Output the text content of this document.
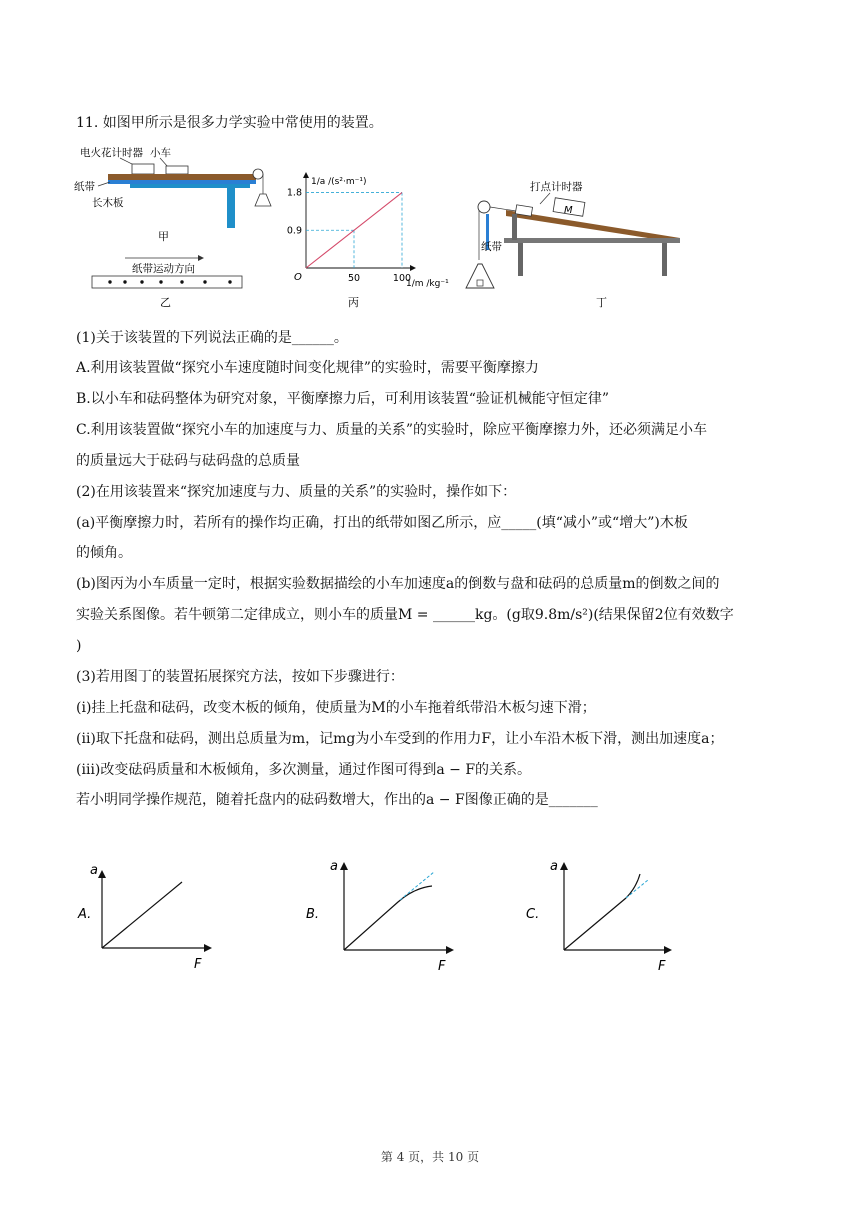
11. 如图甲所示是很多力学实验中常使用的装置。
电火花计时器 小车
纸带
长木板
甲
纸带运动方向
乙
1/a /(s²·m⁻¹)
1/m /kg⁻¹
O
0.9
1.8
50	100
丙
打点计时器
M
纸带
丁
(1)关于该装置的下列说法正确的是______。
A.利用该装置做“探究小车速度随时间变化规律”的实验时，需要平衡摩擦力
B.以小车和砝码整体为研究对象，平衡摩擦力后，可利用该装置“验证机械能守恒定律”
C.利用该装置做“探究小车的加速度与力、质量的关系”的实验时，除应平衡摩擦力外，还必须满足小车
的质量远大于砝码与砝码盘的总质量
(2)在用该装置来“探究加速度与力、质量的关系”的实验时，操作如下：
(a)平衡摩擦力时，若所有的操作均正确，打出的纸带如图乙所示，应_____(填“减小”或“增大”)木板
的倾角。
(b)图丙为小车质量一定时，根据实验数据描绘的小车加速度a的倒数与盘和砝码的总质量m的倒数之间的
实验关系图像。若牛顿第二定律成立，则小车的质量M = ______kg。(g取9.8m/s²)(结果保留2位有效数字
)
(3)若用图丁的装置拓展探究方法，按如下步骤进行：
(ⅰ)挂上托盘和砝码，改变木板的倾角，使质量为M的小车拖着纸带沿木板匀速下滑；
(ⅱ)取下托盘和砝码，测出总质量为m，记mg为小车受到的作用力F，让小车沿木板下滑，测出加速度a；
(ⅲ)改变砝码质量和木板倾角，多次测量，通过作图可得到a − F的关系。
若小明同学操作规范，随着托盘内的砝码数增大，作出的a − F图像正确的是_______
A.
a
F
B.
a
F
C.
a
F
第 4 页，共 10 页
